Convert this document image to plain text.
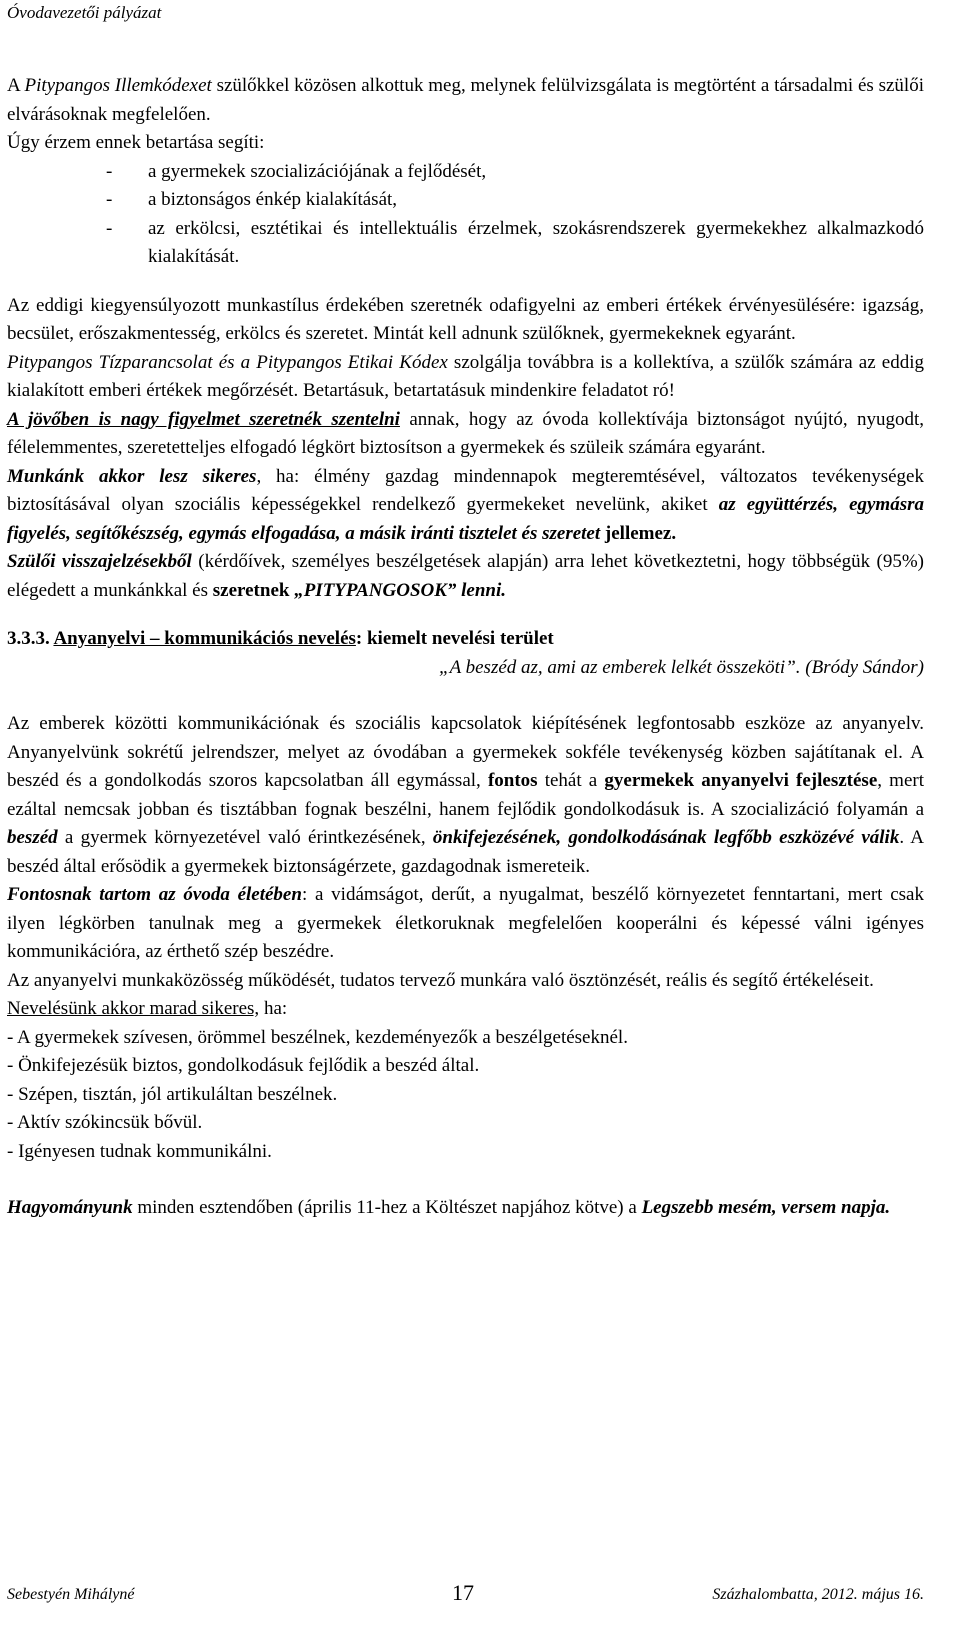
Óvodavezetői pályázat

A Pitypangos Illemkódexet szülőkkel közösen alkottuk meg, melynek felülvizsgálata is megtörtént a társadalmi és szülői elvárásoknak megfelelően.

Úgy érzem ennek betartása segíti:

- a gyermekek szocializációjának a fejlődését,
- a biztonságos énkép kialakítását,
- az erkölcsi, esztétikai és intellektuális érzelmek, szokásrendszerek gyermekekhez alkalmazkodó kialakítását.

Az eddigi kiegyensúlyozott munkastílus érdekében szeretnék odafigyelni az emberi értékek érvényesülésére: igazság, becsület, erőszakmentesség, erkölcs és szeretet. Mintát kell adnunk szülőknek, gyermekeknek egyaránt.

Pitypangos Tízparancsolat és a Pitypangos Etikai Kódex szolgálja továbbra is a kollektíva, a szülők számára az eddig kialakított emberi értékek megőrzését. Betartásuk, betartatásuk mindenkire feladatot ró!

A jövőben is nagy figyelmet szeretnék szentelni annak, hogy az óvoda kollektívája biztonságot nyújtó, nyugodt, félelemmentes, szeretetteljes elfogadó légkört biztosítson a gyermekek és szüleik számára egyaránt.

Munkánk akkor lesz sikeres, ha: élmény gazdag mindennapok megteremtésével, változatos tevékenységek biztosításával olyan szociális képességekkel rendelkező gyermekeket nevelünk, akiket az együttérzés, egymásra figyelés, segítőkészség, egymás elfogadása, a másik iránti tisztelet és szeretet jellemez.

Szülői visszajelzésekből (kérdőívek, személyes beszélgetések alapján) arra lehet következtetni, hogy többségük (95%) elégedett a munkánkkal és szeretnek „PITYPANGOSOK” lenni.

3.3.3. Anyanyelvi – kommunikációs nevelés: kiemelt nevelési terület

„A beszéd az, ami az emberek lelkét összeköti”. (Bródy Sándor)

Az emberek közötti kommunikációnak és szociális kapcsolatok kiépítésének legfontosabb eszköze az anyanyelv. Anyanyelvünk sokrétű jelrendszer, melyet az óvodában a gyermekek sokféle tevékenység közben sajátítanak el. A beszéd és a gondolkodás szoros kapcsolatban áll egymással, fontos tehát a gyermekek anyanyelvi fejlesztése, mert ezáltal nemcsak jobban és tisztábban fognak beszélni, hanem fejlődik gondolkodásuk is. A szocializáció folyamán a beszéd a gyermek környezetével való érintkezésének, önkifejezésének, gondolkodásának legfőbb eszközévé válik. A beszéd által erősödik a gyermekek biztonságérzete, gazdagodnak ismereteik.

Fontosnak tartom az óvoda életében: a vidámságot, derűt, a nyugalmat, beszélő környezetet fenntartani, mert csak ilyen légkörben tanulnak meg a gyermekek életkoruknak megfelelően kooperálni és képessé válni igényes kommunikációra, az érthető szép beszédre.

Az anyanyelvi munkaközösség működését, tudatos tervező munkára való ösztönzését, reális és segítő értékeléseit.

Nevelésünk akkor marad sikeres, ha:

- A gyermekek szívesen, örömmel beszélnek, kezdeményezők a beszélgetéseknél.

- Önkifejezésük biztos, gondolkodásuk fejlődik a beszéd által.

- Szépen, tisztán, jól artikuláltan beszélnek.

- Aktív szókincsük bővül.

- Igényesen tudnak kommunikálni.

Hagyományunk minden esztendőben (április 11-hez a Költészet napjához kötve) a Legszebb mesém, versem napja.

Sebestyén Mihályné	17	Százhalombatta, 2012. május 16.
